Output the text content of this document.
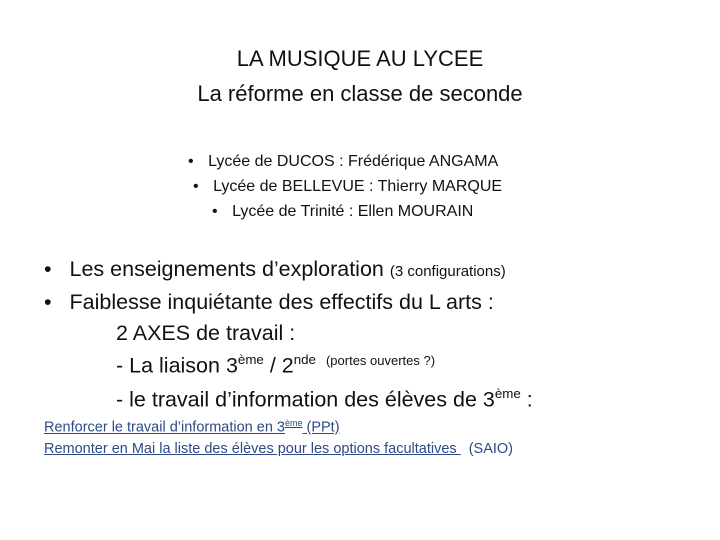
LA MUSIQUE AU LYCEE
La réforme en classe de seconde
• Lycée de DUCOS : Frédérique ANGAMA
• Lycée de BELLEVUE : Thierry MARQUE
• Lycée de Trinité : Ellen MOURAIN
• Les enseignements d’exploration (3 configurations)
• Faiblesse inquiétante des effectifs du L arts :
2 AXES de travail :
- La liaison 3ème / 2nde $^{(portes ouvertes ?)}$
- le travail d’information des élèves de 3ème :
Renforcer le travail d’information en 3ème (PPt)
Remonter en Mai la liste des élèves pour les options facultatives (SAIO)
